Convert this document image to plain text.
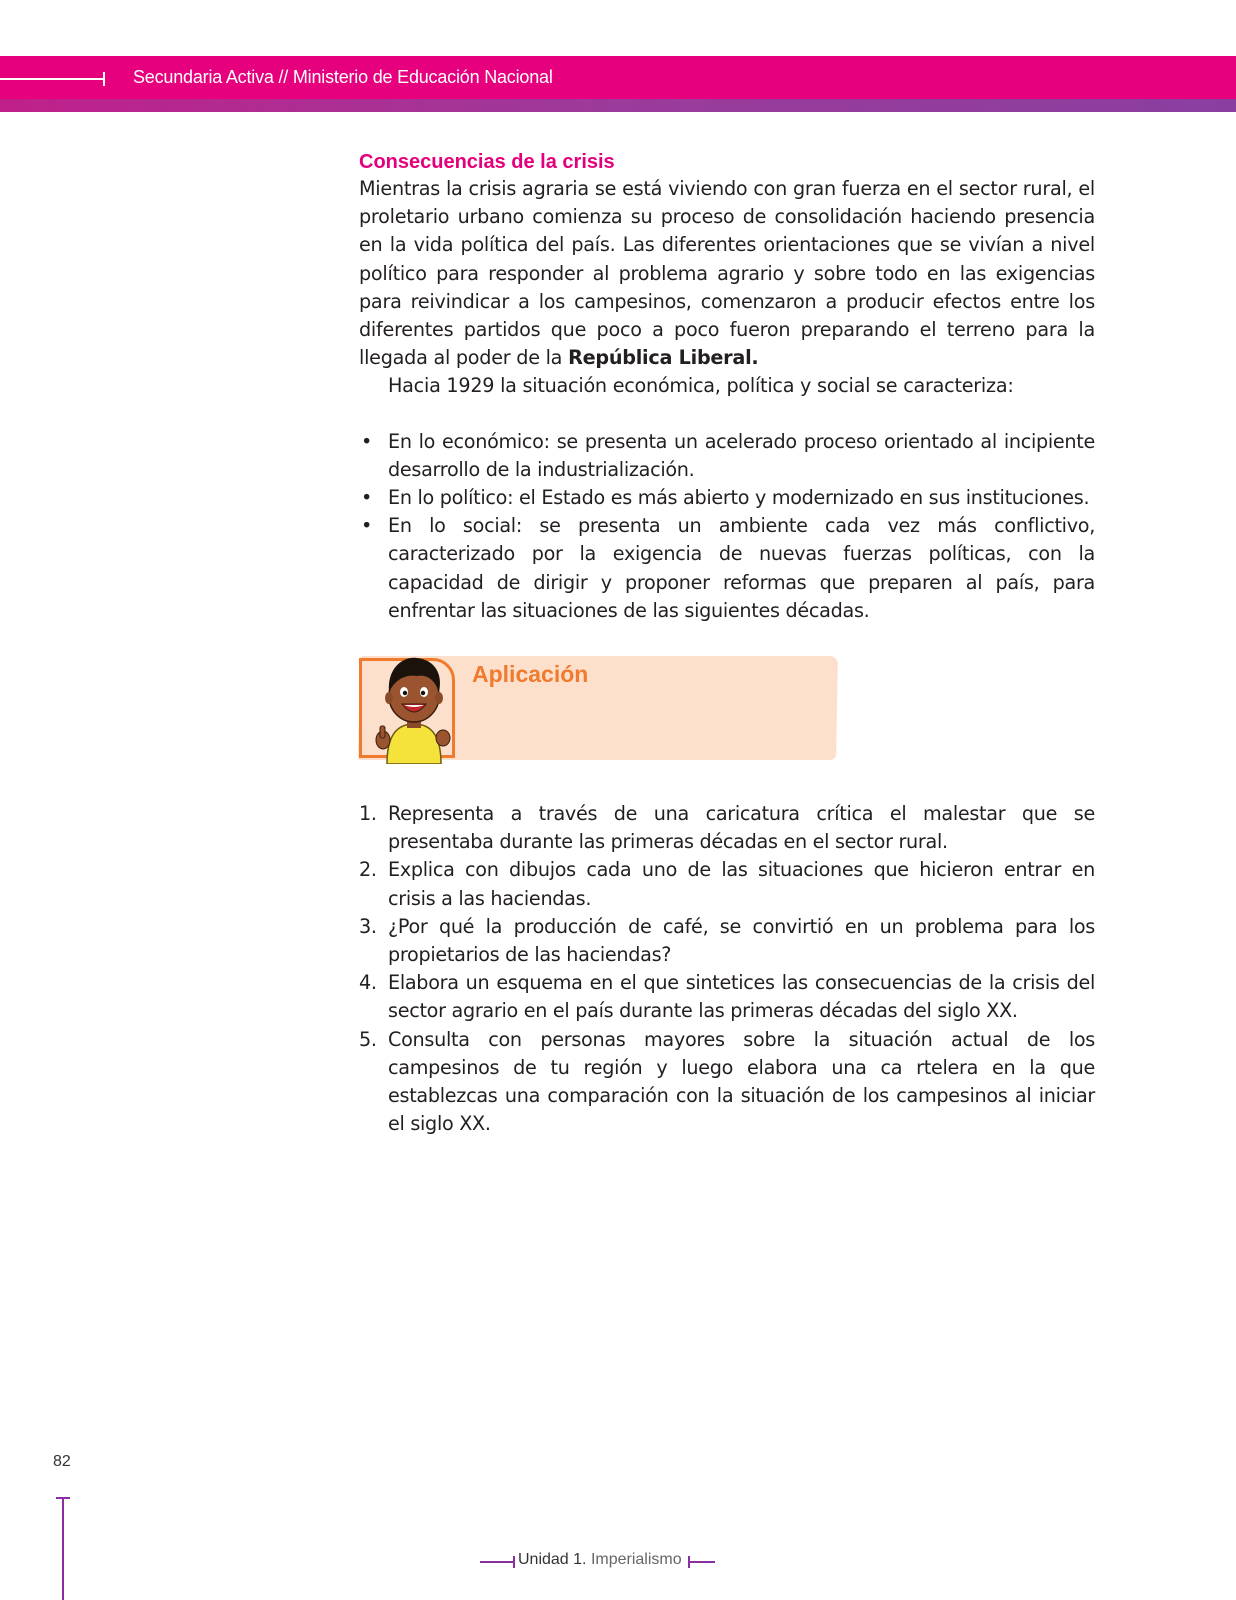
Secundaria Activa // Ministerio de Educación Nacional
Consecuencias de la crisis

Mientras la crisis agraria se está viviendo con gran fuerza en el sector rural, el proletario urbano comienza su proceso de consolidación haciendo presencia en la vida política del país. Las diferentes orientaciones que se vivían a nivel político para responder al problema agrario y sobre todo en las exigencias para reivindicar a los campesinos, comenzaron a producir efectos entre los diferentes partidos que poco a poco fueron preparando el terreno para la llegada al poder de la República Liberal.

Hacia 1929 la situación económica, política y social se caracteriza:

• En lo económico: se presenta un acelerado proceso orientado al incipiente desarrollo de la industrialización.
• En lo político: el Estado es más abierto y modernizado en sus instituciones.
• En lo social: se presenta un ambiente cada vez más conflictivo, caracterizado por la exigencia de nuevas fuerzas políticas, con la capacidad de dirigir y proponer reformas que preparen al país, para enfrentar las situaciones de las siguientes décadas.
Aplicación
1. Representa a través de una caricatura crítica el malestar que se presentaba durante las primeras décadas en el sector rural.
2. Explica con dibujos cada uno de las situaciones que hicieron entrar en crisis a las haciendas.
3. ¿Por qué la producción de café, se convirtió en un problema para los propietarios de las haciendas?
4. Elabora un esquema en el que sintetices las consecuencias de la crisis del sector agrario en el país durante las primeras décadas del siglo XX.
5. Consulta con personas mayores sobre la situación actual de los campesinos de tu región y luego elabora una ca rtelera en la que establezcas una comparación con la situación de los campesinos al iniciar el siglo XX.
82
Unidad 1. Imperialismo
